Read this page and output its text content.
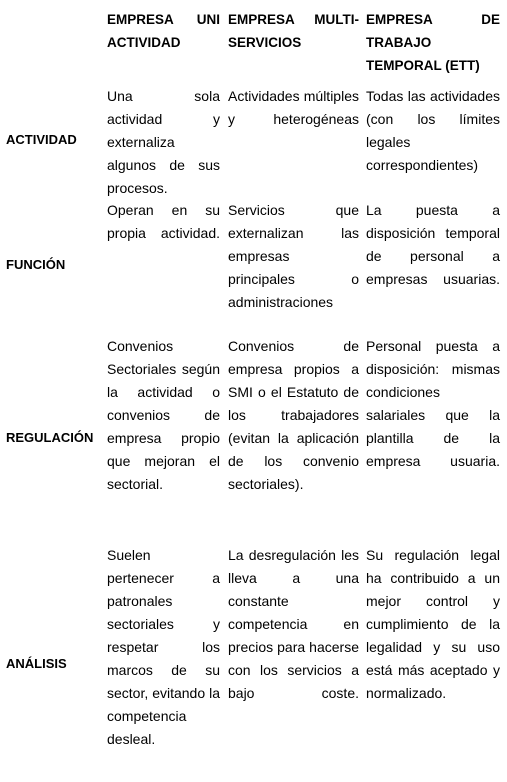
EMPRESA UNI ACTIVIDAD
EMPRESA MULTI-SERVICIOS
EMPRESA DE TRABAJO TEMPORAL (ETT)
ACTIVIDAD
Una sola actividad y externaliza algunos de sus procesos.
Actividades múltiples y heterogéneas
Todas las actividades (con los límites legales correspondientes)
FUNCIÓN
Operan en su propia actividad.
Servicios que externalizan las empresas principales o administraciones
La puesta a disposición temporal de personal a empresas usuarias.
REGULACIÓN
Convenios Sectoriales según la actividad o convenios de empresa propio que mejoran el sectorial.
Convenios de empresa propios a SMI o el Estatuto de los trabajadores (evitan la aplicación de los convenio sectoriales).
Personal puesta a disposición: mismas condiciones salariales que la plantilla de la empresa usuaria.
ANÁLISIS
Suelen pertenecer a patronales sectoriales y respetar los marcos de su sector, evitando la competencia desleal.
La desregulación les lleva a una constante competencia en precios para hacerse con los servicios a bajo coste.
Su regulación legal ha contribuido a un mejor control y cumplimiento de la legalidad y su uso está más aceptado y normalizado.
